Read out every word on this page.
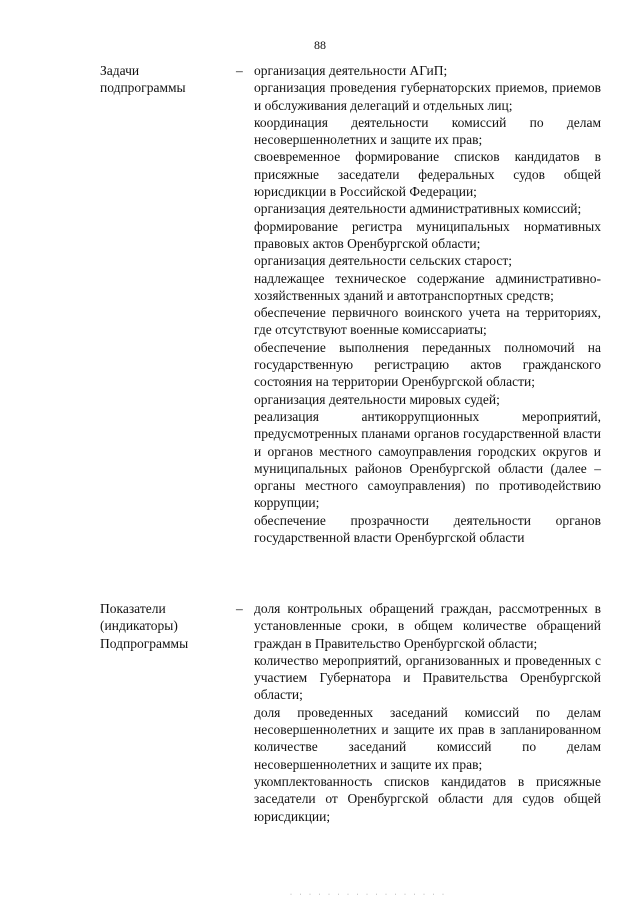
88
Задачи
подпрограммы
– организация деятельности АГиП;

организация проведения губернаторских приемов, приемов и обслуживания делегаций и отдельных лиц;

координация деятельности комиссий по делам несовершеннолетних и защите их прав;

своевременное формирование списков кандидатов в присяжные заседатели федеральных судов общей юрисдикции в Российской Федерации;

организация деятельности административных комиссий;

формирование регистра муниципальных нормативных правовых актов Оренбургской области;

организация деятельности сельских старост;

надлежащее техническое содержание административно-хозяйственных зданий и автотранспортных средств;

обеспечение первичного воинского учета на территориях, где отсутствуют военные комиссариаты;

обеспечение выполнения переданных полномочий на государственную регистрацию актов гражданского состояния на территории Оренбургской области;

организация деятельности мировых судей;

реализация антикоррупционных мероприятий, предусмотренных планами органов государственной власти и органов местного самоуправления городских округов и муниципальных районов Оренбургской области (далее – органы местного самоуправления) по противодействию коррупции;

обеспечение прозрачности деятельности органов государственной власти Оренбургской области

Показатели
(индикаторы)
Подпрограммы
– доля контрольных обращений граждан, рассмотренных в установленные сроки, в общем количестве обращений граждан в Правительство Оренбургской области;

количество мероприятий, организованных и проведенных с участием Губернатора и Правительства Оренбургской области;

доля проведенных заседаний комиссий по делам несовершеннолетних и защите их прав в запланированном количестве заседаний комиссий по делам несовершеннолетних и защите их прав;

укомплектованность списков кандидатов в присяжные заседатели от Оренбургской области для судов общей юрисдикции;

· · · · · · · · · · · · · · · · ·
